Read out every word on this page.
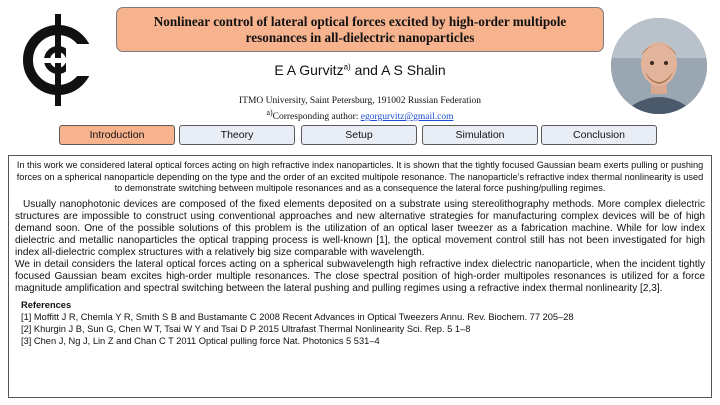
Nonlinear control of lateral optical forces excited by high-order multipole resonances in all-dielectric nanoparticles
E A Gurvitz$^{a)}$ and A S Shalin
ITMO University, Saint Petersburg, 191002 Russian Federation
$^{a)}$Corresponding author: egorgurvitz@gmail.com
Introduction	Theory	Setup	Simulation	Conclusion

In this work we considered lateral optical forces acting on high refractive index nanoparticles. It is shown that the tightly focused Gaussian beam exerts pulling or pushing forces on a spherical nanoparticle depending on the type and the order of an excited multipole resonance. The nanoparticle's refractive index thermal nonlinearity is used to demonstrate switching between multipole resonances and as a consequence the lateral force pushing/pulling regimes.

Usually nanophotonic devices are composed of the fixed elements deposited on a substrate using stereolithography methods. More complex dielectric structures are impossible to construct using conventional approaches and new alternative strategies for manufacturing complex devices will be of high demand soon. One of the possible solutions of this problem is the utilization of an optical laser tweezer as a fabrication machine. While for low index dielectric and metallic nanoparticles the optical trapping process is well-known [1], the optical movement control still has not been investigated for high index all-dielectric complex structures with a relatively big size comparable with wavelength.

We in detail considers the lateral optical forces acting on a spherical subwavelength high refractive index dielectric nanoparticle, when the incident tightly focused Gaussian beam excites high-order multiple resonances. The close spectral position of high-order multipoles resonances is utilized for a force magnitude amplification and spectral switching between the lateral pushing and pulling regimes using a refractive index thermal nonlinearity [2,3].

References
[1] Moffitt J R, Chemla Y R, Smith S B and Bustamante C 2008 Recent Advances in Optical Tweezers Annu. Rev. Biochem. 77 205–28
[2] Khurgin J B, Sun G, Chen W T, Tsai W Y and Tsai D P 2015 Ultrafast Thermal Nonlinearity Sci. Rep. 5 1–8
[3] Chen J, Ng J, Lin Z and Chan C T 2011 Optical pulling force Nat. Photonics 5 531–4
